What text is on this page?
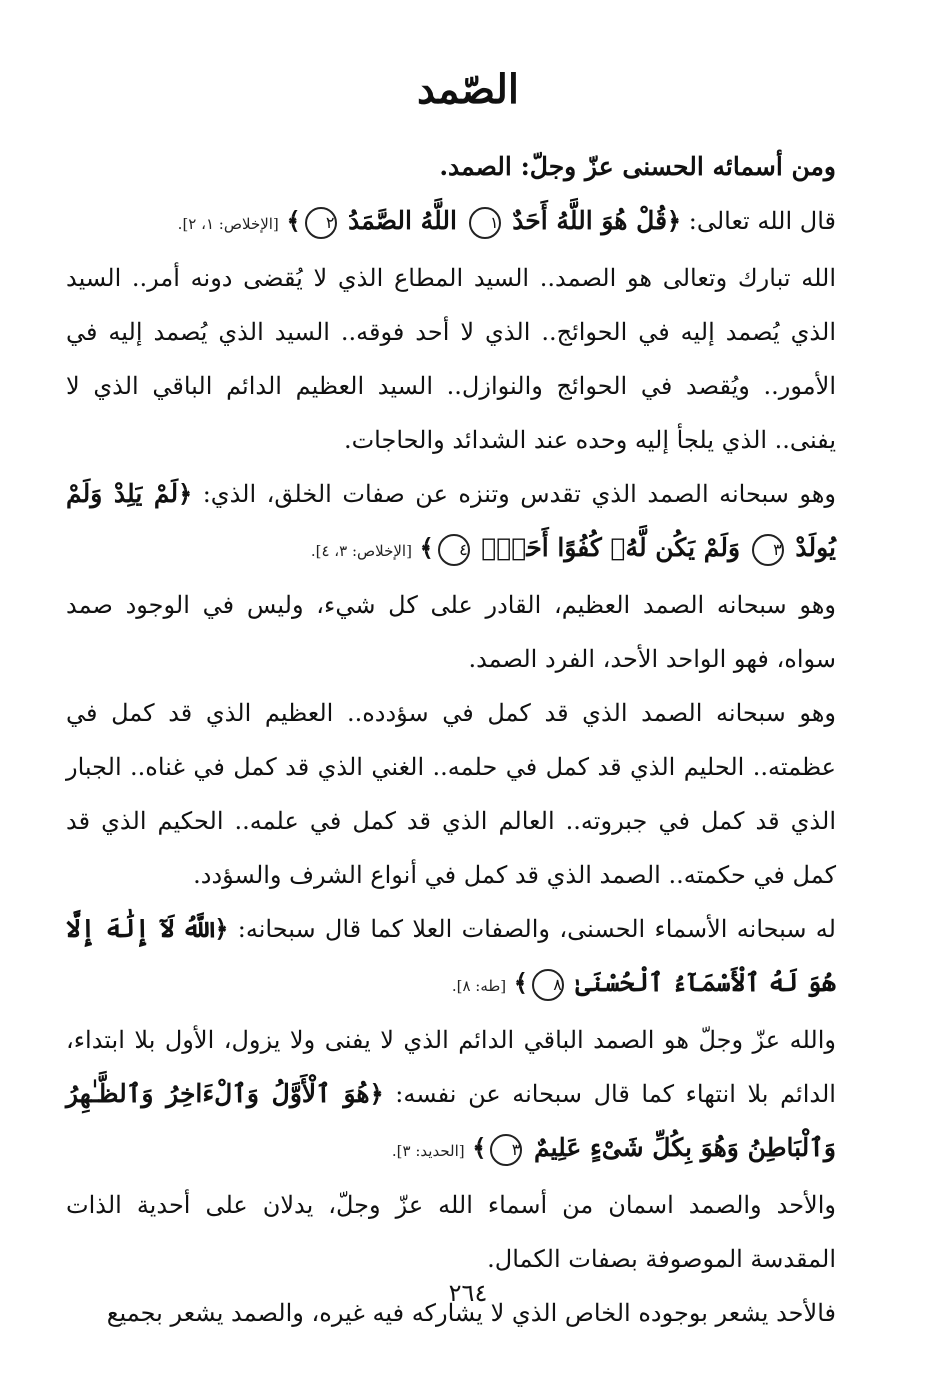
الصّمد

ومن أسمائه الحسنى عزّ وجلّ: الصمد.

قال الله تعالى: ﴿قُلْ هُوَ اللَّهُ أَحَدٌ ١ اللَّهُ الصَّمَدُ ٢﴾ [الإخلاص: ١، ٢].

الله تبارك وتعالى هو الصمد.. السيد المطاع الذي لا يُقضى دونه أمر.. السيد الذي يُصمد إليه في الحوائج.. الذي لا أحد فوقه.. السيد الذي يُصمد إليه في الأمور.. ويُقصد في الحوائج والنوازل.. السيد العظيم الدائم الباقي الذي لا يفنى.. الذي يلجأ إليه وحده عند الشدائد والحاجات.

وهو سبحانه الصمد الذي تقدس وتنزه عن صفات الخلق، الذي: ﴿لَمْ يَلِدْ وَلَمْ يُولَدْ ٣ وَلَمْ يَكُن لَّهُۥ كُفُوًا أَحَدٌۢ ٤﴾ [الإخلاص: ٣، ٤].

وهو سبحانه الصمد العظيم، القادر على كل شيء، وليس في الوجود صمد سواه، فهو الواحد الأحد، الفرد الصمد.

وهو سبحانه الصمد الذي قد كمل في سؤدده.. العظيم الذي قد كمل في عظمته.. الحليم الذي قد كمل في حلمه.. الغني الذي قد كمل في غناه.. الجبار الذي قد كمل في جبروته.. العالم الذي قد كمل في علمه.. الحكيم الذي قد كمل في حكمته.. الصمد الذي قد كمل في أنواع الشرف والسؤدد.

له سبحانه الأسماء الحسنى، والصفات العلا كما قال سبحانه: ﴿اللَّهُ لَآ إِلَٰهَ إِلَّا هُوَ لَهُ ٱلْأَسْمَآءُ ٱلْحُسْنَىٰ ٨﴾ [طه: ٨].

والله عزّ وجلّ هو الصمد الباقي الدائم الذي لا يفنى ولا يزول، الأول بلا ابتداء، الدائم بلا انتهاء كما قال سبحانه عن نفسه: ﴿هُوَ ٱلْأَوَّلُ وَٱلْءَاخِرُ وَٱلظَّـٰهِرُ وَٱلْبَاطِنُ وَهُوَ بِكُلِّ شَىْءٍ عَلِيمٌ ٣﴾ [الحديد: ٣].

والأحد والصمد اسمان من أسماء الله عزّ وجلّ، يدلان على أحدية الذات المقدسة الموصوفة بصفات الكمال.

فالأحد يشعر بوجوده الخاص الذي لا يشاركه فيه غيره، والصمد يشعر بجميع

٢٦٤
